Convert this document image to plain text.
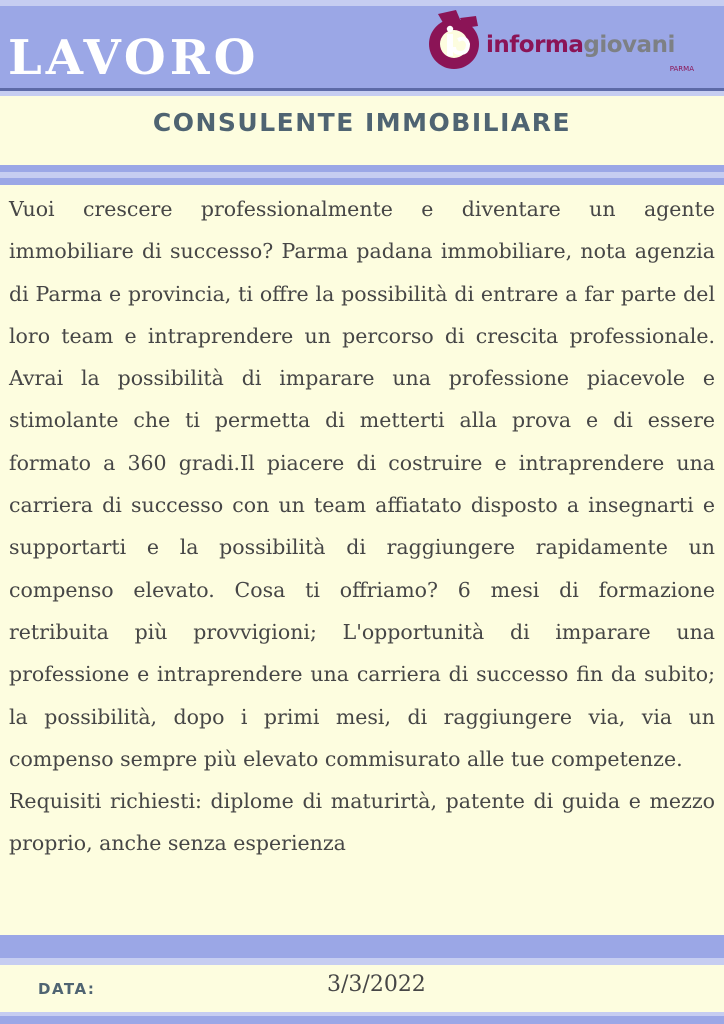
LAVORO	informagiovani
PARMA
CONSULENTE IMMOBILIARE

Vuoi crescere professionalmente e diventare un agente immobiliare di successo? Parma padana immobiliare, nota agenzia di Parma e provincia, ti offre la possibilità di entrare a far parte del loro team e intraprendere un percorso di crescita professionale. Avrai la possibilità di imparare una professione piacevole e stimolante che ti permetta di metterti alla prova e di essere formato a 360 gradi.Il piacere di costruire e intraprendere una carriera di successo con un team affiatato disposto a insegnarti e supportarti e la possibilità di raggiungere rapidamente un compenso elevato. Cosa ti offriamo? 6 mesi di formazione retribuita più provvigioni; L'opportunità di imparare una professione e intraprendere una carriera di successo fin da subito; la possibilità, dopo i primi mesi, di raggiungere via, via un compenso sempre più elevato commisurato alle tue competenze.

Requisiti richiesti: diplome di maturirtà, patente di guida e mezzo proprio, anche senza esperienza

DATA:	3/3/2022
